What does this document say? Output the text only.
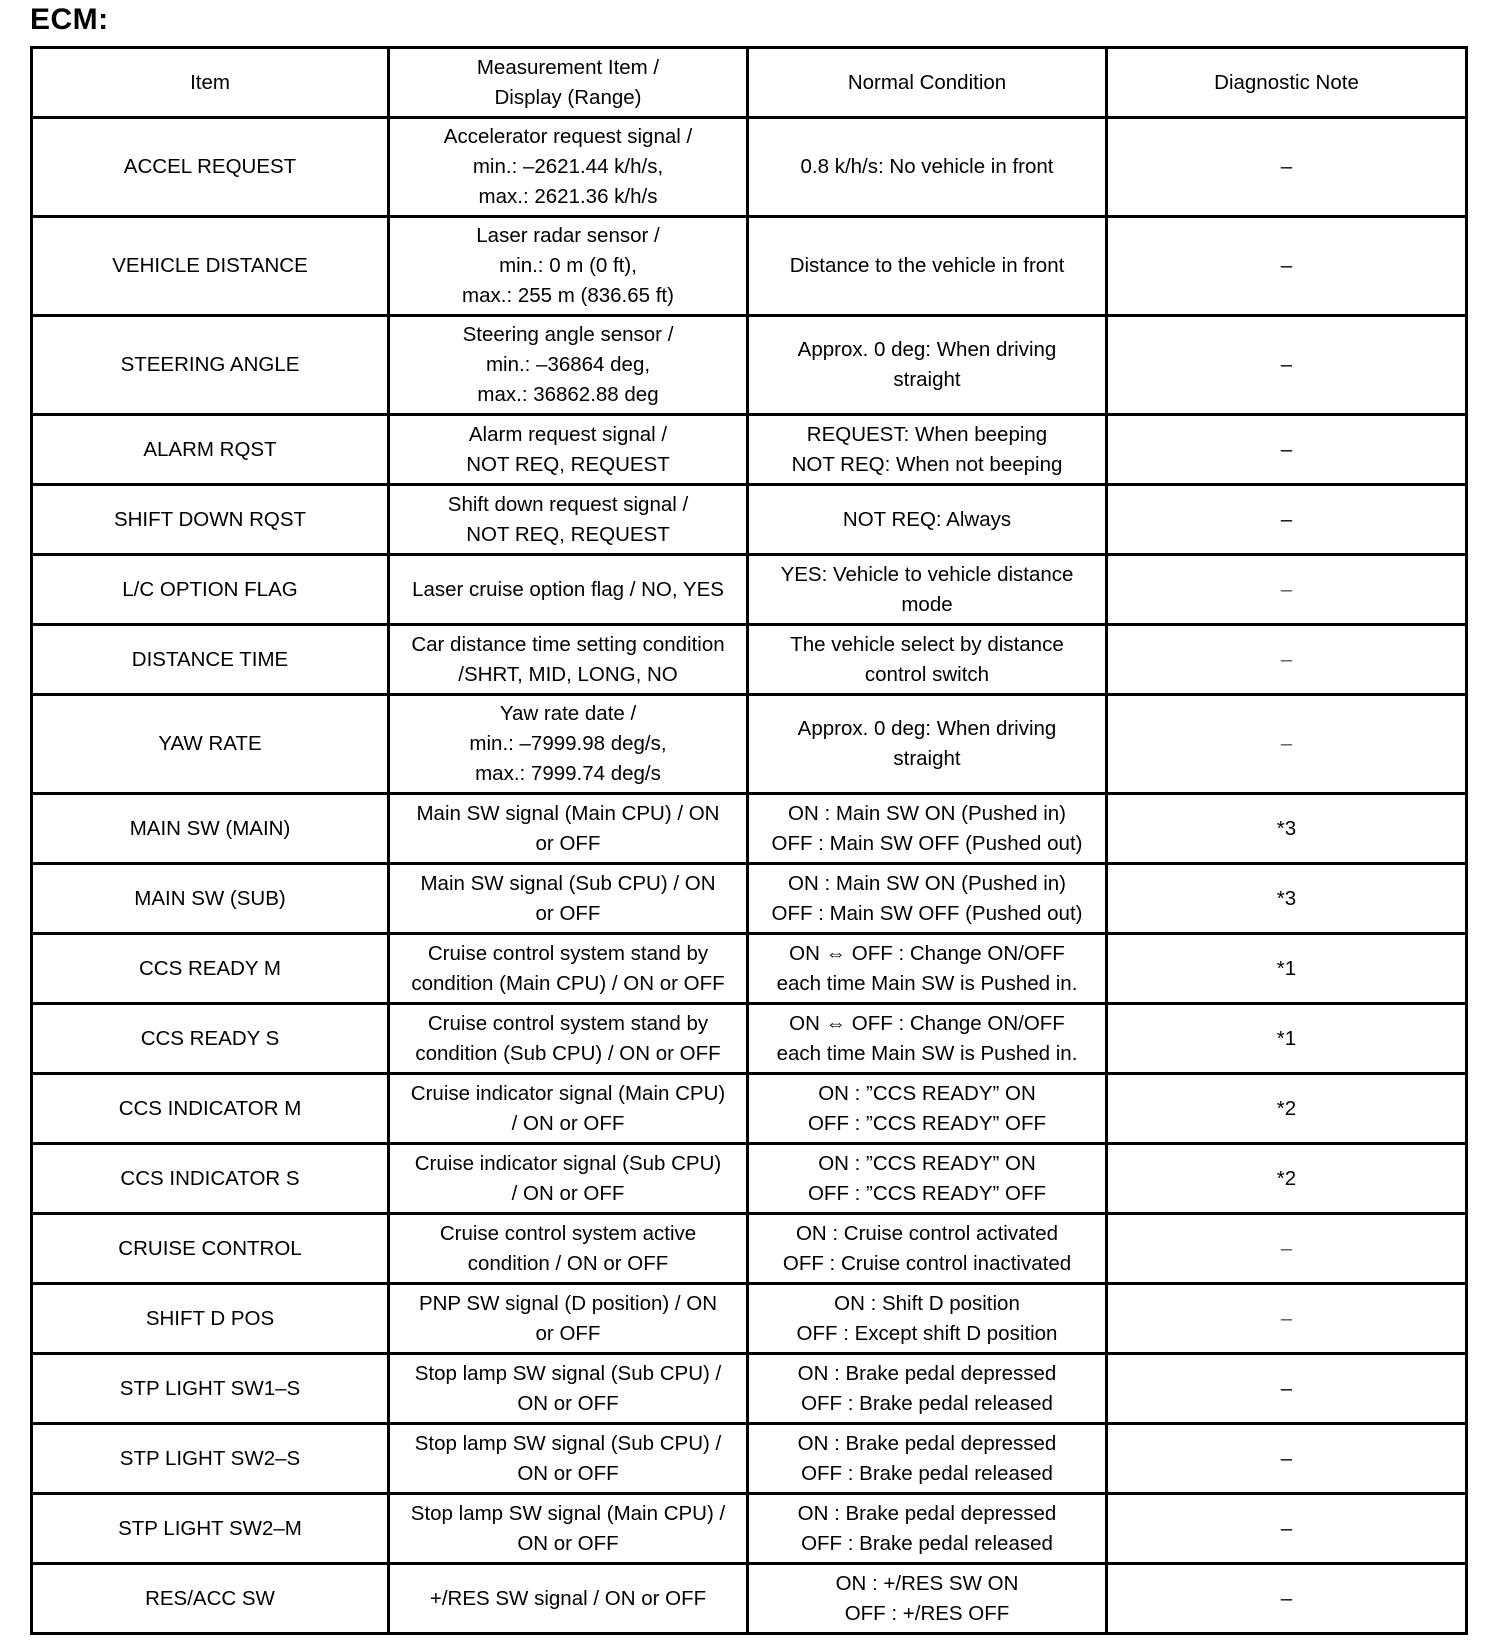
ECM:
Item	Measurement Item /
Display (Range)	Normal Condition	Diagnostic Note
ACCEL REQUEST	Accelerator request signal /
min.: –2621.44 k/h/s,
max.: 2621.36 k/h/s	0.8 k/h/s: No vehicle in front	–
VEHICLE DISTANCE	Laser radar sensor /
min.: 0 m (0 ft),
max.: 255 m (836.65 ft)	Distance to the vehicle in front	–
STEERING ANGLE	Steering angle sensor /
min.: –36864 deg,
max.: 36862.88 deg	Approx. 0 deg: When driving
straight	–
ALARM RQST	Alarm request signal /
NOT REQ, REQUEST	REQUEST: When beeping
NOT REQ: When not beeping	–
SHIFT DOWN RQST	Shift down request signal /
NOT REQ, REQUEST	NOT REQ: Always	–
L/C OPTION FLAG	Laser cruise option flag / NO, YES	YES: Vehicle to vehicle distance
mode	–
DISTANCE TIME	Car distance time setting condition
/SHRT, MID, LONG, NO	The vehicle select by distance
control switch	–
YAW RATE	Yaw rate date /
min.: –7999.98 deg/s,
max.: 7999.74 deg/s	Approx. 0 deg: When driving
straight	–
MAIN SW (MAIN)	Main SW signal (Main CPU) / ON
or OFF	ON : Main SW ON (Pushed in)
OFF : Main SW OFF (Pushed out)	*3
MAIN SW (SUB)	Main SW signal (Sub CPU) / ON
or OFF	ON : Main SW ON (Pushed in)
OFF : Main SW OFF (Pushed out)	*3
CCS READY M	Cruise control system stand by
condition (Main CPU) / ON or OFF	ON ⇔ OFF : Change ON/OFF
each time Main SW is Pushed in.	*1
CCS READY S	Cruise control system stand by
condition (Sub CPU) / ON or OFF	ON ⇔ OFF : Change ON/OFF
each time Main SW is Pushed in.	*1
CCS INDICATOR M	Cruise indicator signal (Main CPU)
/ ON or OFF	ON : ”CCS READY” ON
OFF : ”CCS READY” OFF	*2
CCS INDICATOR S	Cruise indicator signal (Sub CPU)
/ ON or OFF	ON : ”CCS READY” ON
OFF : ”CCS READY” OFF	*2
CRUISE CONTROL	Cruise control system active
condition / ON or OFF	ON : Cruise control activated
OFF : Cruise control inactivated	–
SHIFT D POS	PNP SW signal (D position) / ON
or OFF	ON : Shift D position
OFF : Except shift D position	–
STP LIGHT SW1–S	Stop lamp SW signal (Sub CPU) /
ON or OFF	ON : Brake pedal depressed
OFF : Brake pedal released	–
STP LIGHT SW2–S	Stop lamp SW signal (Sub CPU) /
ON or OFF	ON : Brake pedal depressed
OFF : Brake pedal released	–
STP LIGHT SW2–M	Stop lamp SW signal (Main CPU) /
ON or OFF	ON : Brake pedal depressed
OFF : Brake pedal released	–
RES/ACC SW	+/RES SW signal / ON or OFF	ON : +/RES SW ON
OFF : +/RES OFF	–
